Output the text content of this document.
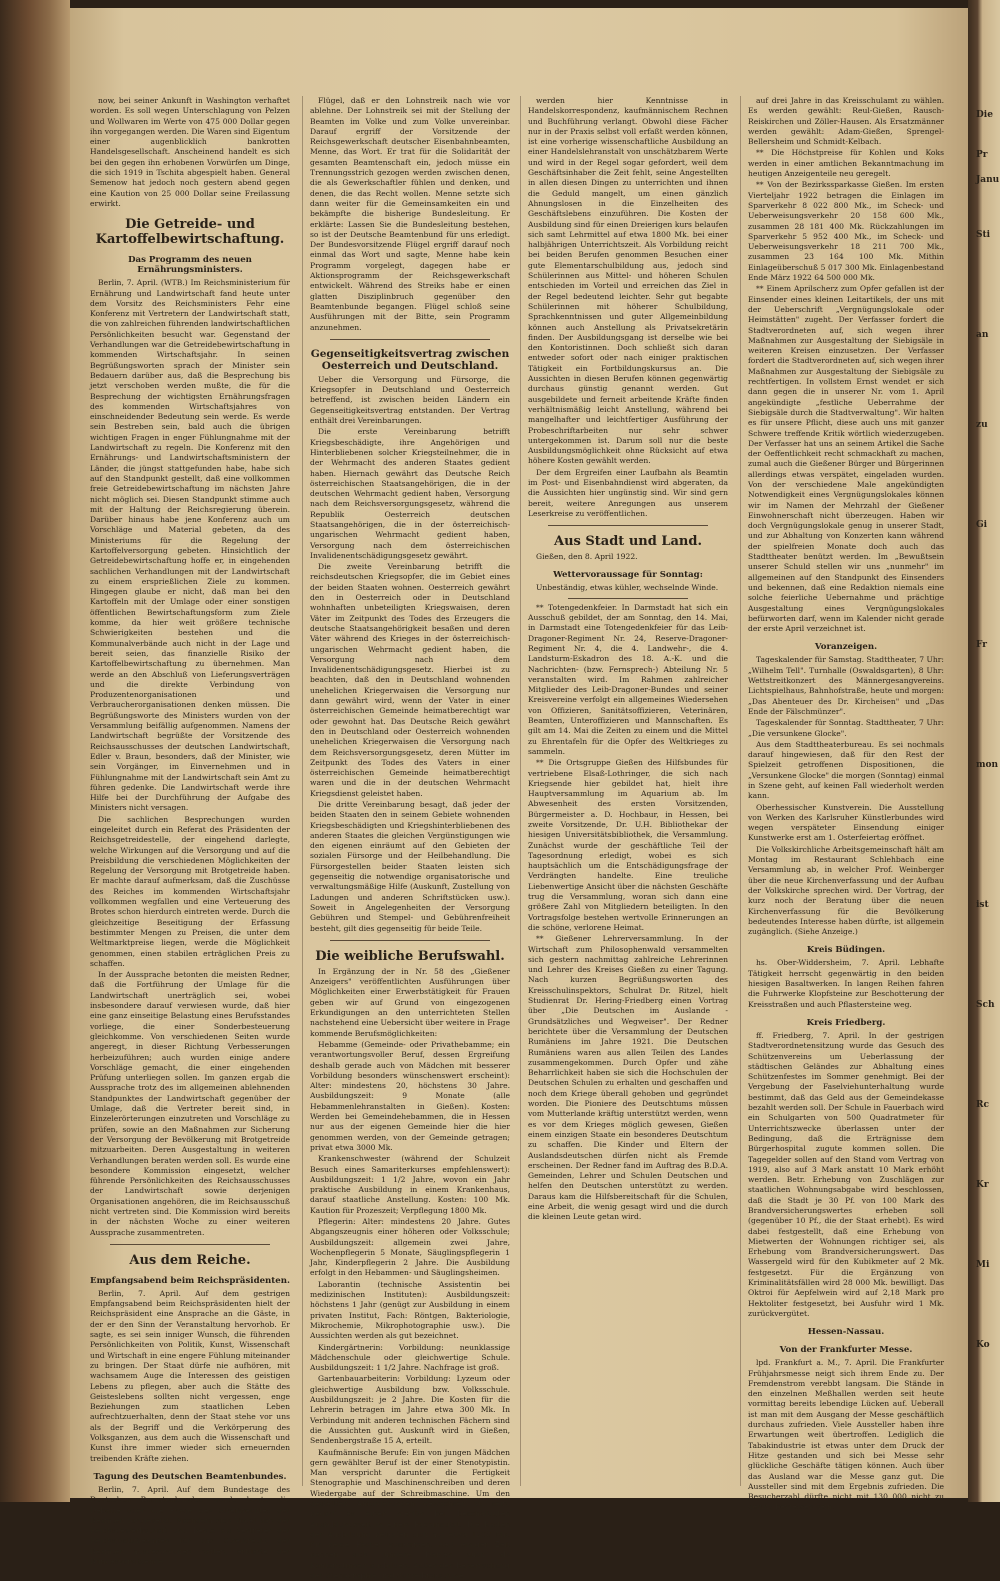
now, bei seiner Ankunft in Washington verhaftet worden. Es soll wegen Unterschlagung von Pelzen und Wollwaren im Werte von 475 000 Dollar gegen ihn vorgegangen werden. Die Waren sind Eigentum einer augenblicklich bankrotten Handelsgesellschaft. Anscheinend handelt es sich bei den gegen ihn erhobenen Vorwürfen um Dinge, die sich 1919 in Tschita abgespielt haben. General Semenow hat jedoch noch gestern abend gegen eine Kaution von 25 000 Dollar seine Freilassung erwirkt.

Die Getreide- und Kartoffelbewirtschaftung.
Das Programm des neuen Ernährungsministers.

Berlin, 7. April. (WTB.) Im Reichsministerium für Ernährung und Landwirtschaft fand heute unter dem Vorsitz des Reichsministers Fehr eine Konferenz mit Vertretern der Landwirtschaft statt, die von zahlreichen führenden landwirtschaftlichen Persönlichkeiten besucht war. Gegenstand der Verhandlungen war die Getreidebewirtschaftung in kommenden Wirtschaftsjahr. In seinen Begrüßungsworten sprach der Minister sein Bedauern darüber aus, daß die Besprechung bis jetzt verschoben werden mußte, die für die Besprechung der wichtigsten Ernährungsfragen des kommenden Wirtschaftsjahres von einschneidender Bedeutung sein werde. Es werde sein Bestreben sein, bald auch die übrigen wichtigen Fragen in enger Fühlungnahme mit der Landwirtschaft zu regeln. Die Konferenz mit den Ernährungs- und Landwirtschaftsministern der Länder, die jüngst stattgefunden habe, habe sich auf den Standpunkt gestellt, daß eine vollkommen freie Getreidebewirtschaftung im nächsten Jahre nicht möglich sei. Diesen Standpunkt stimme auch mit der Haltung der Reichsregierung überein. Darüber hinaus habe jene Konferenz auch um Vorschläge und Material gebeten, da des Ministeriums für die Regelung der Kartoffelversorgung gebeten. Hinsichtlich der Getreidebewirtschaftung hoffe er, in eingehenden sachlichen Verhandlungen mit der Landwirtschaft zu einem ersprießlichen Ziele zu kommen. Hingegen glaube er nicht, daß man bei den Kartoffeln mit der Umlage oder einer sonstigen öffentlichen Bewirtschaftungsform zum Ziele komme, da hier weit größere technische Schwierigkeiten bestehen und die Kommunalverbände auch nicht in der Lage und bereit seien, das finanzielle Risiko der Kartoffelbewirtschaftung zu übernehmen. Man werde an den Abschluß von Lieferungsverträgen und die direkte Verbindung von Produzentenorganisationen und Verbraucherorganisationen denken müssen. Die Begrüßungsworte des Ministers wurden von der Versammlung beifällig aufgenommen. Namens der Landwirtschaft begrüßte der Vorsitzende des Reichsausschusses der deutschen Landwirtschaft, Edler v. Braun, besonders, daß der Minister, wie sein Vorgänger, im Einvernehmen und in Fühlungnahme mit der Landwirtschaft sein Amt zu führen gedenke. Die Landwirtschaft werde ihre Hilfe bei der Durchführung der Aufgabe des Ministers nicht versagen.

Die sachlichen Besprechungen wurden eingeleitet durch ein Referat des Präsidenten der Reichsgetreidestelle, der eingehend darlegte, welche Wirkungen auf die Versorgung und auf die Preisbildung die verschiedenen Möglichkeiten der Regelung der Versorgung mit Brotgetreide haben. Er machte darauf aufmerksam, daß die Zuschüsse des Reiches im kommenden Wirtschaftsjahr vollkommen wegfallen und eine Verteuerung des Brotes schon hierdurch eintreten werde. Durch die gleichzeitige Beseitigung der Erfassung bestimmter Mengen zu Preisen, die unter dem Weltmarktpreise liegen, werde die Möglichkeit genommen, einen stabilen erträglichen Preis zu schaffen.

In der Aussprache betonten die meisten Redner, daß die Fortführung der Umlage für die Landwirtschaft unerträglich sei, wobei insbesondere darauf verwiesen wurde, daß hier eine ganz einseitige Belastung eines Berufsstandes vorliege, die einer Sonderbesteuerung gleichkomme. Von verschiedenen Seiten wurde angeregt, in dieser Richtung Verbesserungen herbeizuführen; auch wurden einige andere Vorschläge gemacht, die einer eingehenden Prüfung unterliegen sollen. Im ganzen ergab die Aussprache trotz des im allgemeinen ablehnenden Standpunktes der Landwirtschaft gegenüber der Umlage, daß die Vertreter bereit sind, in Einzelerörterungen einzutreten und Vorschläge zu prüfen, sowie an den Maßnahmen zur Sicherung der Versorgung der Bevölkerung mit Brotgetreide mitzuarbeiten. Deren Ausgestaltung in weiteren Verhandlungen beraten werden soll. Es wurde eine besondere Kommission eingesetzt, welcher führende Persönlichkeiten des Reichsausschusses der Landwirtschaft sowie derjenigen Organisationen angehören, die im Reichsausschuß nicht vertreten sind. Die Kommission wird bereits in der nächsten Woche zu einer weiteren Aussprache zusammentreten.

Aus dem Reiche.
Empfangsabend beim Reichspräsidenten.

Berlin, 7. April. Auf dem gestrigen Empfangsabend beim Reichspräsidenten hielt der Reichspräsident eine Ansprache an die Gäste, in der er den Sinn der Veranstaltung hervorhob. Er sagte, es sei sein inniger Wunsch, die führenden Persönlichkeiten von Politik, Kunst, Wissenschaft und Wirtschaft in eine engere Fühlung miteinander zu bringen. Der Staat dürfe nie aufhören, mit wachsamem Auge die Interessen des geistigen Lebens zu pflegen, aber auch die Stätte des Geisteslebens sollten nicht vergessen, enge Beziehungen zum staatlichen Leben aufrechtzuerhalten, denn der Staat stehe vor uns als der Begriff und die Verkörperung des Volksganzen, aus dem auch die Wissenschaft und Kunst ihre immer wieder sich erneuernden treibenden Kräfte ziehen.

Tagung des Deutschen Beamtenbundes.

Berlin, 7. April. Auf dem Bundestage des Deutschen Beamtenbundes wurde heute die Debatte über die Frage des Streikrechtes der Beamten fortgesetzt. Nachdem sich Vogel von der Reichsgewerkschaft und Bente als Vertreter der Reichsjustizbeamten für das Streikrecht der Beamten ausgesprochen hatten, erklärte der Bundesvorsitzende

Flügel, daß er den Lohnstreik nach wie vor ablehne. Der Lohnstreik sei mit der Stellung der Beamten im Volke und zum Volke unvereinbar. Darauf ergriff der Vorsitzende der Reichsgewerkschaft deutscher Eisenbahnbeamten, Menne, das Wort. Er trat für die Solidarität der gesamten Beamtenschaft ein, jedoch müsse ein Trennungsstrich gezogen werden zwischen denen, die als Gewerkschaftler fühlen und denken, und denen, die das Recht wollen. Menne setzte sich dann weiter für die Gemeinsamkeiten ein und bekämpfte die bisherige Bundesleitung. Er erklärte: Lassen Sie die Bundesleitung bestehen, so ist der Deutsche Beamtenbund für uns erledigt. Der Bundesvorsitzende Flügel ergriff darauf noch einmal das Wort und sagte, Menne habe kein Programm vorgelegt, dagegen habe er Aktionsprogramm der Reichsgewerkschaft entwickelt. Während des Streiks habe er einen glatten Disziplinbruch gegenüber den Beamtenbunde begangen. Flügel schloß seine Ausführungen mit der Bitte, sein Programm anzunehmen.

Gegenseitigkeitsvertrag zwischen Oesterreich und Deutschland.

Ueber die Versorgung und Fürsorge, die Kriegsopfer in Deutschland und Oesterreich betreffend, ist zwischen beiden Ländern ein Gegenseitigkeitsvertrag entstanden. Der Vertrag enthält drei Vereinbarungen.

Die erste Vereinbarung betrifft Kriegsbeschädigte, ihre Angehörigen und Hinterbliebenen solcher Kriegsteilnehmer, die in der Wehrmacht des anderen Staates gedient haben. Hiernach gewährt das Deutsche Reich österreichischen Staatsangehörigen, die in der deutschen Wehrmacht gedient haben, Versorgung nach dem Reichsversorgungsgesetz, während die Republik Oesterreich deutschen Staatsangehörigen, die in der österreichisch-ungarischen Wehrmacht gedient haben, Versorgung nach dem österreichischen Invalidenentschädigungsgesetz gewährt.

Die zweite Vereinbarung betrifft die reichsdeutschen Kriegsopfer, die im Gebiet eines der beiden Staaten wohnen. Oesterreich gewährt den in Oesterreich oder in Deutschland wohnhaften unbeteiligten Kriegswaisen, deren Väter im Zeitpunkt des Todes des Erzeugers die deutsche Staatsangehörigkeit besaßen und deren Väter während des Krieges in der österreichisch-ungarischen Wehrmacht gedient haben, die Versorgung nach dem Invalidenentschädigungsgesetz. Hierbei ist zu beachten, daß den in Deutschland wohnenden unehelichen Kriegerwaisen die Versorgung nur dann gewährt wird, wenn der Vater in einer österreichischen Gemeinde heimatberechtigt war oder gewohnt hat. Das Deutsche Reich gewährt den in Deutschland oder Oesterreich wohnenden unehelichen Kriegerwaisen die Versorgung nach dem Reichsversorgungsgesetz, deren Mütter im Zeitpunkt des Todes des Vaters in einer österreichischen Gemeinde heimatberechtigt waren und die in der deutschen Wehrmacht Kriegsdienst geleistet haben.

Die dritte Vereinbarung besagt, daß jeder der beiden Staaten den in seinem Gebiete wohnenden Kriegsbeschädigten und Kriegshinterbliebenen des anderen Staates die gleichen Vergünstigungen wie den eigenen einräumt auf den Gebieten der sozialen Fürsorge und der Heilbehandlung. Die Fürsorgestellen beider Staaten leisten sich gegenseitig die notwendige organisatorische und verwaltungsmäßige Hilfe (Auskunft, Zustellung von Ladungen und anderen Schriftstücken usw.). Soweit in Angelegenheiten der Versorgung Gebühren und Stempel- und Gebührenfreiheit besteht, gilt dies gegenseitig für beide Teile.

Die weibliche Berufswahl.

In Ergänzung der in Nr. 58 des „Gießener Anzeigers" veröffentlichten Ausführungen über Möglichkeiten einer Erwerbstätigkeit für Frauen geben wir auf Grund von eingezogenen Erkundigungen an den unterrichteten Stellen nachstehend eine Uebersicht über weitere in Frage kommende Berufsmöglichkeiten:

Hebamme (Gemeinde- oder Privathebamme; ein verantwortungsvoller Beruf, dessen Ergreifung deshalb gerade auch von Mädchen mit besserer Vorbildung besonders wünschenswert erscheint): Alter: mindestens 20, höchstens 30 Jahre. Ausbildungszeit: 9 Monate (alle Hebammenlehranstalten in Gießen). Kosten: Werden bei Gemeindehebammen, die in Hessen nur aus der eigenen Gemeinde hier die hier genommen werden, von der Gemeinde getragen; privat etwa 3000 Mk.

Krankenschwester (während der Schulzeit Besuch eines Samariterkurses empfehlenswert): Ausbildungszeit: 1 1/2 Jahre, wovon ein Jahr praktische Ausbildung in einem Krankenhaus, darauf staatliche Anstellung. Kosten: 100 Mk. Kaution für Prozeszeit; Verpflegung 1800 Mk.

Pflegerin: Alter: mindestens 20 Jahre. Gutes Abgangszeugnis einer höheren oder Volksschule; Ausbildungszeit: allgemein zwei Jahre, Wochenpflegerin 5 Monate, Säuglingspflegerin 1 Jahr, Kinderpflegerin 2 Jahre. Die Ausbildung erfolgt in den Hebammen- und Säuglingsheimen.

Laborantin (technische Assistentin bei medizinischen Instituten): Ausbildungszeit: höchstens 1 Jahr (genügt zur Ausbildung in einem privaten Institut, Fach: Röntgen, Bakteriologie, Mikrochemie, Mikrophotographie usw.). Die Aussichten werden als gut bezeichnet.

Kindergärtnerin: Vorbildung: neunklassige Mädchenschule oder gleichwertige Schule. Ausbildungszeit: 1 1/2 Jahre. Nachfrage ist groß.

Gartenbauarbeiterin: Vorbildung: Lyzeum oder gleichwertige Ausbildung bzw. Volksschule. Ausbildungszeit: je 2 Jahre. Die Kosten für die Lehrerin betragen im Jahre etwa 300 Mk. In Verbindung mit anderen technischen Fächern sind die Aussichten gut. Auskunft wird in Gießen, Sendenbergstraße 15 A, erteilt.

Kaufmännische Berufe: Ein von jungen Mädchen gern gewählter Beruf ist der einer Stenotypistin. Man verspricht darunter die Fertigkeit Stenographie und Maschinenschreiben und deren Wiedergabe auf der Schreibmaschine. Um den gestellten Anforderungen gewachsen zu sein, bedarf es einer hierfür bei beschäftigten Ausbildungszeit in einem Fachinstitut. Die Kosten der Ausbildung belaufen sich auf etwa 1200 Mk. für beide Fächer zusammen. Seit einiger Zeit können sich jüngere Damen auch als Kontoristinnen ausbilden. Außer der Beherrschung der Stenographie und Schreibmaschine

werden hier Kenntnisse in Handelskorrespondenz, kaufmännischem Rechnen und Buchführung verlangt. Obwohl diese Fächer nur in der Praxis selbst voll erfaßt werden können, ist eine vorherige wissenschaftliche Ausbildung an einer Handelslehranstalt von unschätzbarem Werte und wird in der Regel sogar gefordert, weil dem Geschäftsinhaber die Zeit fehlt, seine Angestellten in allen diesen Dingen zu unterrichten und ihnen die Geduld mangelt, um einen gänzlich Ahnungslosen in die Einzelheiten des Geschäftslebens einzuführen. Die Kosten der Ausbildung sind für einen Dreierigen kurs belaufen sich samt Lehrmittel auf etwa 1800 Mk. bei einer halbjährigen Unterrichtszeit. Als Vorbildung reicht bei beiden Berufen genommen Besuchen einer gute Elementarschulbildung aus, jedoch sind Schülerinnen aus Mittel- und höheren Schulen entschieden im Vorteil und erreichen das Ziel in der Regel bedeutend leichter. Sehr gut begabte Schülerinnen mit höherer Schulbildung, Sprachkenntnissen und guter Allgemeinbildung können auch Anstellung als Privatsekretärin finden. Der Ausbildungsgang ist derselbe wie bei den Kontoristinnen. Doch schließt sich daran entweder sofort oder nach einiger praktischen Tätigkeit ein Fortbildungskursus an. Die Aussichten in diesen Berufen können gegenwärtig durchaus günstig genannt werden. Gut ausgebildete und ferneit arbeitende Kräfte finden verhältnismäßig leicht Anstellung, während bei mangelhafter und leichtfertiger Ausführung der Probeschriftarbeiten nur sehr schwer untergekommen ist. Darum soll nur die beste Ausbildungsmöglichkeit ohne Rücksicht auf etwa höhere Kosten gewählt werden.

Der dem Ergreifen einer Laufbahn als Beamtin im Post- und Eisenbahndienst wird abgeraten, da die Aussichten hier ungünstig sind. Wir sind gern bereit, weitere Anregungen aus unserem Leserkreise zu veröffentlichen.

Aus Stadt und Land.

Gießen, den 8. April 1922.

Wettervoraussage für Sonntag:

Unbeständig, etwas kühler, wechselnde Winde.

** Totengedenkfeier. In Darmstadt hat sich ein Ausschuß gebildet, der am Sonntag, den 14. Mai, in Darmstadt eine Totengedenkfeier für das Leib-Dragoner-Regiment Nr. 24, Reserve-Dragoner-Regiment Nr. 4, die 4. Landwehr-, die 4. Landsturm-Eskadron des 18. A.-K. und die Nachrichten- (bzw. Fernsprech-) Abteilung Nr. 5 veranstalten wird. Im Rahmen zahlreicher Mitglieder des Leib-Dragoner-Bundes und seiner Kreisvereine verfolgt ein allgemeines Wiedersehen von Offizieren, Sanitätsoffizieren, Veterinären, Beamten, Unteroffizieren und Mannschaften. Es gilt am 14. Mai die Zeiten zu einem und die Mittel zu Ehrentafeln für die Opfer des Weltkrieges zu sammeln.

** Die Ortsgruppe Gießen des Hilfsbundes für vertriebene Elsaß-Lothringer, die sich nach Kriegsende hier gebildet hat, hielt ihre Hauptversammlung im Aquarium ab. Im Abwesenheit des ersten Vorsitzenden, Bürgermeister a. D. Hochbaur, in Hessen, bei zweite Vorsitzende, Dr. U.H. Bibliothekar der hiesigen Universitätsbibliothek, die Versammlung. Zunächst wurde der geschäftliche Teil der Tagesordnung erledigt, wobei es sich hauptsächlich um die Entschädigungsfrage der Verdrängten handelte. Eine treuliche Liebenwertige Ansicht über die nächsten Geschäfte trug die Versammlung, woran sich dann eine größere Zahl von Mitgliedern beteiligten. In den Vortragsfolge bestehen wertvolle Erinnerungen an die schöne, verlorene Heimat.

** Gießener Lehrerversammlung. In der Wirtschaft zum Philosophenwald versammelten sich gestern nachmittag zahlreiche Lehrerinnen und Lehrer des Kreises Gießen zu einer Tagung. Nach kurzen Begrüßungsworten des Kreisschulinspektors, Schulrat Dr. Ritzel, hielt Studienrat Dr. Hering-Friedberg einen Vortrag über „Die Deutschen im Auslande - Grundsätzliches und Wegweiser". Der Redner berichtete über die Versammlung der Deutschen Rumäniens im Jahre 1921. Die Deutschen Rumäniens waren aus allen Teilen des Landes zusammengekommen. Durch Opfer und zähe Beharrlichkeit haben sie sich die Hochschulen der Deutschen Schulen zu erhalten und geschaffen und noch dem Kriege überall gehoben und gegründet worden. Die Pioniere des Deutschtums müssen vom Mutterlande kräftig unterstützt werden, wenn es vor dem Krieges möglich gewesen, Gießen einem einzigen Staate ein besonderes Deutschtum zu schaffen. Die Kinder und Eltern der Auslandsdeutschen dürfen nicht als Fremde erscheinen. Der Redner fand im Auftrag des B.D.A. Gemeinden, Lehrer und Schulen Deutschen und helfen den Deutschen unterstützt zu werden. Daraus kam die Hilfsbereitschaft für die Schulen, eine Arbeit, die wenig gesagt wird und die durch die kleinen Leute getan wird.

auf drei Jahre in das Kreisschulamt zu wählen. Es werden gewählt: Reul-Gießen, Rausch-Reiskirchen und Zöller-Hausen. Als Ersatzmänner werden gewählt: Adam-Gießen, Sprengel-Bellersheim und Schmidt-Kelbach.

** Die Höchstpreise für Kohlen und Koks werden in einer amtlichen Bekanntmachung im heutigen Anzeigenteile neu geregelt.

** Von der Bezirkssparkasse Gießen. Im ersten Vierteljahr 1922 betragen die Einlagen im Sparverkehr 8 022 800 Mk., im Scheck- und Ueberweisungsverkehr 20 158 600 Mk., zusammen 28 181 400 Mk. Rückzahlungen im Sparverkehr 5 952 400 Mk., im Scheck- und Ueberweisungsverkehr 18 211 700 Mk., zusammen 23 164 100 Mk. Mithin Einlageüberschuß 5 017 300 Mk. Einlagenbestand Ende März 1922 64 500 000 Mk.

** Einem Aprilscherz zum Opfer gefallen ist der Einsender eines kleinen Leitartikels, der uns mit der Ueberschrift „Vergnügungslokale oder Heimstätten" zugeht. Der Verfasser fordert die Stadtverordneten auf, sich wegen ihrer Maßnahmen zur Ausgestaltung der Siebigsäle in weiteren Kreisen einzusetzen. Der Verfasser fordert die Stadtverordneten auf, sich wegen ihrer Maßnahmen zur Ausgestaltung der Siebigsäle zu rechtfertigen. In vollstem Ernst wendet er sich dann gegen die in unserer Nr. vom 1. April angekündigte „festliche Ueberrahme der Siebigsäle durch die Stadtverwaltung". Wir halten es für unsere Pflicht, diese auch uns mit ganzer Schwere treffende Kritik wörtlich wiederzugeben. Der Verfasser hat uns an seinem Artikel die Sache der Oeffentlichkeit recht schmackhaft zu machen, zumal auch die Gießener Bürger und Bürgerinnen allerdings etwas verspätet, eingeladen wurden. Von der verschiedene Male angekündigten Notwendigkeit eines Vergnügungslokales können wir im Namen der Mehrzahl der Gießener Einwohnerschaft nicht überzeugen. Haben wir doch Vergnügungslokale genug in unserer Stadt, und zur Abhaltung von Konzerten kann während der spielfreien Monate doch auch das Stadttheater benützt werden. Im „Bewußtsein unserer Schuld stellen wir uns „nunmehr" im allgemeinen auf den Standpunkt des Einsenders und bekennen, daß eine Redaktion niemals eine solche feierliche Uebernahme und prächtige Ausgestaltung eines Vergnügungslokales befürworten darf, wenn im Kalender nicht gerade der erste April verzeichnet ist.

Voranzeigen.

Tageskalender für Samstag. Stadttheater, 7 Uhr: „Wilhelm Tell". Turnhalle (Oswaldsgarten), 8 Uhr: Wettstreitkonzert des Männergesangvereins. Lichtspielhaus, Bahnhofstraße, heute und morgen: „Das Abenteuer des Dr. Kircheisen" und „Das Ende der Fälschmünzer".

Tageskalender für Sonntag. Stadttheater, 7 Uhr: „Die versunkene Glocke".

Aus dem Stadttheaterbureau. Es sei nochmals darauf hingewiesen, daß für den Rest der Spielzeit getroffenen Dispositionen, die „Versunkene Glocke" die morgen (Sonntag) einmal in Szene geht, auf keinen Fall wiederholt werden kann.

Oberhessischer Kunstverein. Die Ausstellung von Werken des Karlsruher Künstlerbundes wird wegen verspäteter Einsendung einiger Kunstwerke erst am 1. Osterfeiertag eröffnet.

Die Volkskirchliche Arbeitsgemeinschaft hält am Montag im Restaurant Schlehbach eine Versammlung ab, in welcher Prof. Weinberger über die neue Kirchenverfassung und der Aufbau der Volkskirche sprechen wird. Der Vortrag, der kurz noch der Beratung über die neuen Kirchenverfassung für die Bevölkerung bedeutendes Interesse haben dürfte, ist allgemein zugänglich. (Siehe Anzeige.)

Kreis Büdingen.

hs. Ober-Widdersheim, 7. April. Lebhafte Tätigkeit herrscht gegenwärtig in den beiden hiesigen Basaltwerken. In langen Reihen fahren die Fuhrwerke Klopfsteine zur Beschotterung der Kreisstraßen und auch Pflastersteine weg.

Kreis Friedberg.

ff. Friedberg, 7. April. In der gestrigen Stadtverordnetensitzung wurde das Gesuch des Schützenvereins um Ueberlassung der städtischen Geländes zur Abhaltung eines Schützenfestes im Sommer genehmigt. Bei der Vergebung der Faselviehunterhaltung wurde bestimmt, daß das Geld aus der Gemeindekasse bezahlt werden soll. Der Schule in Fauerbach wird ein Schulgarten von 500 Quadratmeter für Unterrichtszwecke überlassen unter der Bedingung, daß die Erträgnisse dem Bürgerhospital zugute kommen sollen. Die Tagegelder sollen auf den Stand vom Vertrag von 1919, also auf 3 Mark anstatt 10 Mark erhöht werden. Betr. Erhebung von Zuschlägen zur staatlichen Wohnungsabgabe wird beschlossen, daß die Stadt je 30 Pf. von 100 Mark des Brandversicherungswertes erheben soll (gegenüber 10 Pf., die der Staat erhebt). Es wird dabei festgestellt, daß eine Erhebung von Mietwerten der Wohnungen richtiger sei, als Erhebung vom Brandversicherungswert. Das Wassergeld wird für den Kubikmeter auf 2 Mk. festgesetzt. Für die Ergänzung von Kriminalitätsfällen wird 28 000 Mk. bewilligt. Das Oktroi für Aepfelwein wird auf 2,18 Mark pro Hektoliter festgesetzt, bei Ausfuhr wird 1 Mk. zurückvergütet.

Hessen-Nassau.
Von der Frankfurter Messe.

lpd. Frankfurt a. M., 7. April. Die Frankfurter Frühjahrsmesse neigt sich ihrem Ende zu. Der Fremdenstrom verebbt langsam. Die Stände in den einzelnen Meßhallen werden seit heute vormittag bereits lebendige Lücken auf. Ueberall ist man mit dem Ausgang der Messe geschäftlich durchaus zufrieden. Viele Aussteller haben ihre Erwartungen weit übertroffen. Lediglich die Tabakindustrie ist etwas unter dem Druck der Hitze gestanden und sich bei Messe sehr glückliche Geschäfte tätigen können. Auch über das Ausland war die Messe ganz gut. Die Aussteller sind mit dem Ergebnis zufrieden. Die Besucherzahl dürfte nicht mit 130 000 nicht zu gering bemessen sein.

Die
Pr
Janu
Sti
an
zu
Gi
Fr
mon
ist
Sch
Rc
Kr
Mi
Ko
